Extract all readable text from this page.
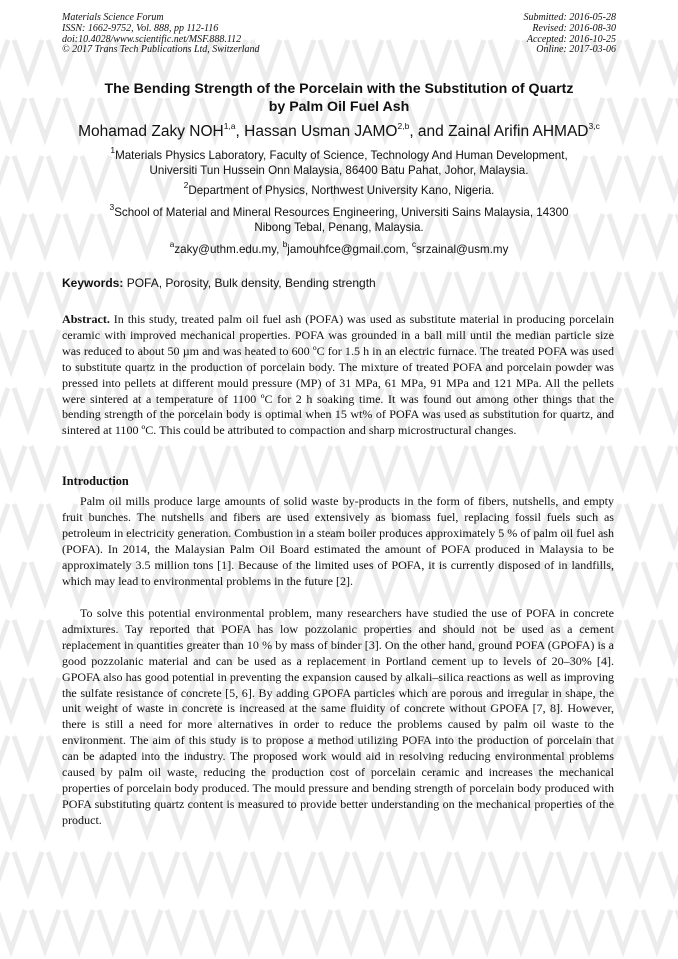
Materials Science Forum
ISSN: 1662-9752, Vol. 888, pp 112-116
doi:10.4028/www.scientific.net/MSF.888.112
© 2017 Trans Tech Publications Ltd, Switzerland
Submitted: 2016-05-28
Revised: 2016-08-30
Accepted: 2016-10-25
Online: 2017-03-06
The Bending Strength of the Porcelain with the Substitution of Quartz
by Palm Oil Fuel Ash
Mohamad Zaky NOH$^{1,a}$, Hassan Usman JAMO$^{2,b}$, and Zainal Arifin AHMAD$^{3,c}$
$^1$Materials Physics Laboratory, Faculty of Science, Technology And Human Development,
Universiti Tun Hussein Onn Malaysia, 86400 Batu Pahat, Johor, Malaysia.
$^2$Department of Physics, Northwest University Kano, Nigeria.
$^3$School of Material and Mineral Resources Engineering, Universiti Sains Malaysia, 14300
Nibong Tebal, Penang, Malaysia.
$^a$zaky@uthm.edu.my, $^b$jamouhfce@gmail.com, $^c$srzainal@usm.my
Keywords: POFA, Porosity, Bulk density, Bending strength
Abstract. In this study, treated palm oil fuel ash (POFA) was used as substitute material in producing porcelain ceramic with improved mechanical properties. POFA was grounded in a ball mill until the median particle size was reduced to about 50 µm and was heated to 600 ºC for 1.5 h in an electric furnace. The treated POFA was used to substitute quartz in the production of porcelain body. The mixture of treated POFA and porcelain powder was pressed into pellets at different mould pressure (MP) of 31 MPa, 61 MPa, 91 MPa and 121 MPa. All the pellets were sintered at a temperature of 1100 ºC for 2 h soaking time. It was found out among other things that the bending strength of the porcelain body is optimal when 15 wt% of POFA was used as substitution for quartz, and sintered at 1100 ºC. This could be attributed to compaction and sharp microstructural changes.
Introduction
Palm oil mills produce large amounts of solid waste by-products in the form of fibers, nutshells, and empty fruit bunches. The nutshells and fibers are used extensively as biomass fuel, replacing fossil fuels such as petroleum in electricity generation. Combustion in a steam boiler produces approximately 5 % of palm oil fuel ash (POFA). In 2014, the Malaysian Palm Oil Board estimated the amount of POFA produced in Malaysia to be approximately 3.5 million tons [1]. Because of the limited uses of POFA, it is currently disposed of in landfills, which may lead to environmental problems in the future [2].
To solve this potential environmental problem, many researchers have studied the use of POFA in concrete admixtures. Tay reported that POFA has low pozzolanic properties and should not be used as a cement replacement in quantities greater than 10 % by mass of binder [3]. On the other hand, ground POFA (GPOFA) is a good pozzolanic material and can be used as a replacement in Portland cement up to levels of 20–30% [4]. GPOFA also has good potential in preventing the expansion caused by alkali–silica reactions as well as improving the sulfate resistance of concrete [5, 6]. By adding GPOFA particles which are porous and irregular in shape, the unit weight of waste in concrete is increased at the same fluidity of concrete without GPOFA [7, 8]. However, there is still a need for more alternatives in order to reduce the problems caused by palm oil waste to the environment. The aim of this study is to propose a method utilizing POFA into the production of porcelain that can be adapted into the industry. The proposed work would aid in resolving reducing environmental problems caused by palm oil waste, reducing the production cost of porcelain ceramic and increases the mechanical properties of porcelain body produced. The mould pressure and bending strength of porcelain body produced with POFA substituting quartz content is measured to provide better understanding on the mechanical properties of the product.
